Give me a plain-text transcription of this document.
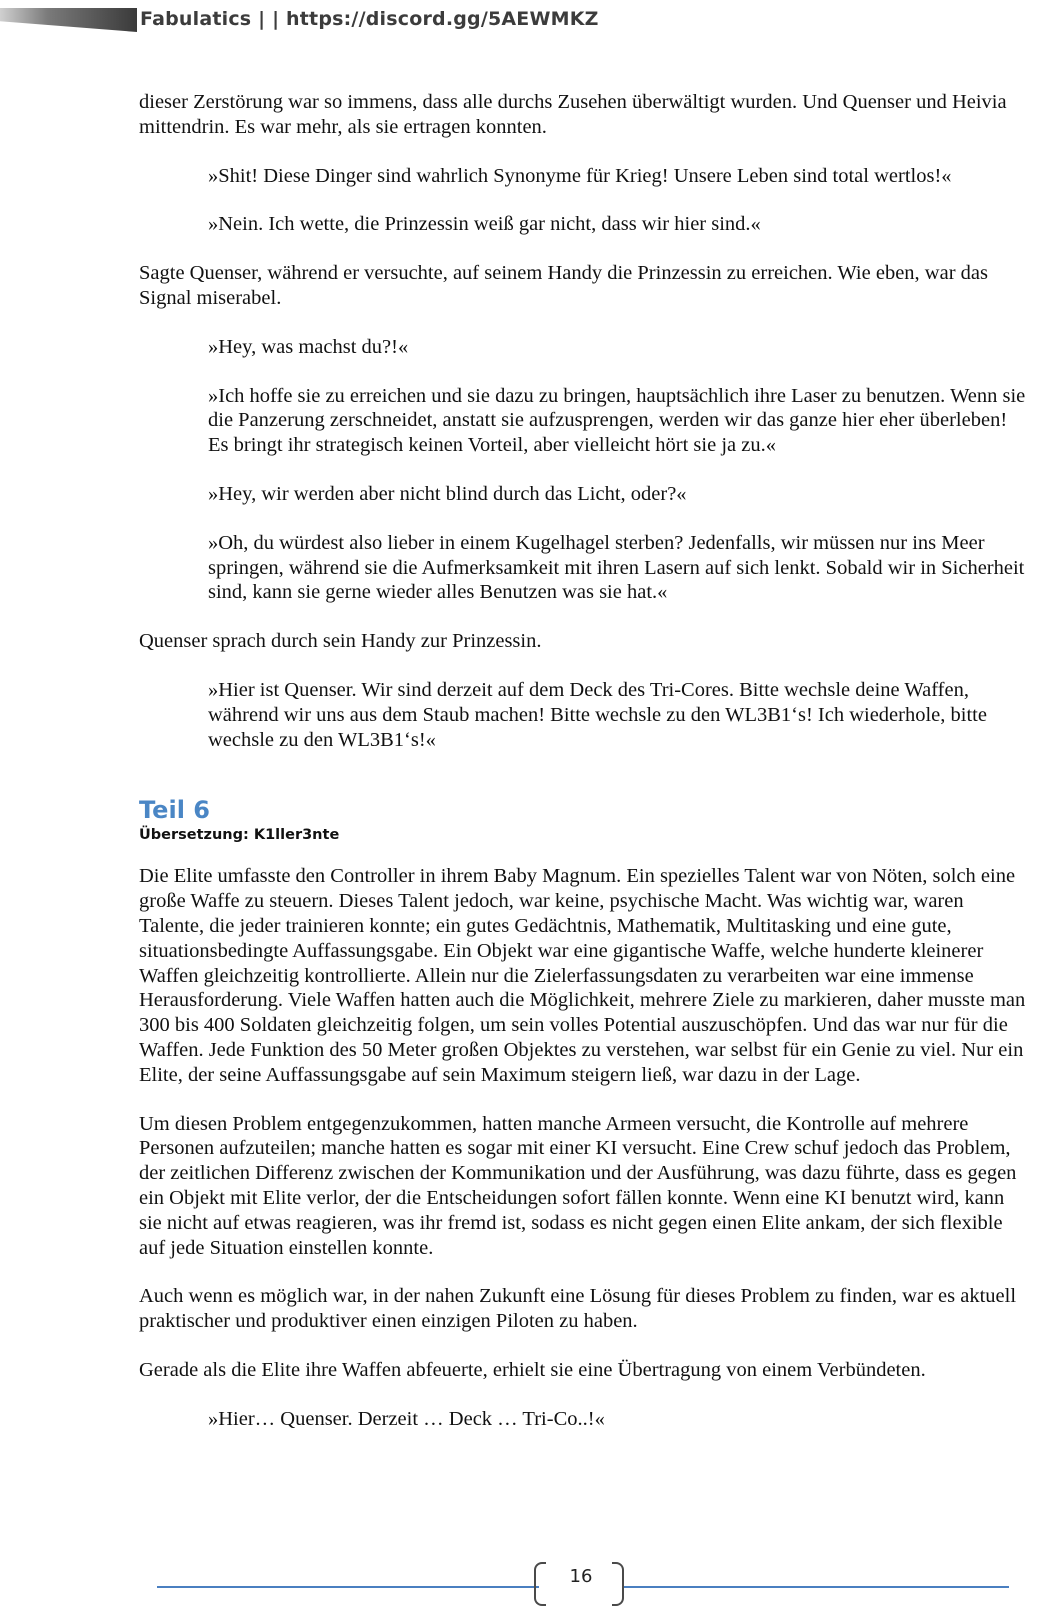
Fabulatics | | https://discord.gg/5AEWMKZ

dieser Zerstörung war so immens, dass alle durchs Zusehen überwältigt wurden. Und Quenser und Heivia mittendrin. Es war mehr, als sie ertragen konnten.

»Shit! Diese Dinger sind wahrlich Synonyme für Krieg! Unsere Leben sind total wertlos!«

»Nein. Ich wette, die Prinzessin weiß gar nicht, dass wir hier sind.«

Sagte Quenser, während er versuchte, auf seinem Handy die Prinzessin zu erreichen. Wie eben, war das Signal miserabel.

»Hey, was machst du?!«

»Ich hoffe sie zu erreichen und sie dazu zu bringen, hauptsächlich ihre Laser zu benutzen. Wenn sie die Panzerung zerschneidet, anstatt sie aufzusprengen, werden wir das ganze hier eher überleben! Es bringt ihr strategisch keinen Vorteil, aber vielleicht hört sie ja zu.«

»Hey, wir werden aber nicht blind durch das Licht, oder?«

»Oh, du würdest also lieber in einem Kugelhagel sterben? Jedenfalls, wir müssen nur ins Meer springen, während sie die Aufmerksamkeit mit ihren Lasern auf sich lenkt. Sobald wir in Sicherheit sind, kann sie gerne wieder alles Benutzen was sie hat.«

Quenser sprach durch sein Handy zur Prinzessin.

»Hier ist Quenser. Wir sind derzeit auf dem Deck des Tri-Cores. Bitte wechsle deine Waffen, während wir uns aus dem Staub machen! Bitte wechsle zu den WL3B1‘s! Ich wiederhole, bitte wechsle zu den WL3B1‘s!«

Teil 6
Übersetzung: K1ller3nte

Die Elite umfasste den Controller in ihrem Baby Magnum. Ein spezielles Talent war von Nöten, solch eine große Waffe zu steuern. Dieses Talent jedoch, war keine, psychische Macht. Was wichtig war, waren Talente, die jeder trainieren konnte; ein gutes Gedächtnis, Mathematik, Multitasking und eine gute, situationsbedingte Auffassungsgabe. Ein Objekt war eine gigantische Waffe, welche hunderte kleinerer Waffen gleichzeitig kontrollierte. Allein nur die Zielerfassungsdaten zu verarbeiten war eine immense Herausforderung. Viele Waffen hatten auch die Möglichkeit, mehrere Ziele zu markieren, daher musste man 300 bis 400 Soldaten gleichzeitig folgen, um sein volles Potential auszuschöpfen. Und das war nur für die Waffen. Jede Funktion des 50 Meter großen Objektes zu verstehen, war selbst für ein Genie zu viel. Nur ein Elite, der seine Auffassungsgabe auf sein Maximum steigern ließ, war dazu in der Lage.

Um diesen Problem entgegenzukommen, hatten manche Armeen versucht, die Kontrolle auf mehrere Personen aufzuteilen; manche hatten es sogar mit einer KI versucht. Eine Crew schuf jedoch das Problem, der zeitlichen Differenz zwischen der Kommunikation und der Ausführung, was dazu führte, dass es gegen ein Objekt mit Elite verlor, der die Entscheidungen sofort fällen konnte. Wenn eine KI benutzt wird, kann sie nicht auf etwas reagieren, was ihr fremd ist, sodass es nicht gegen einen Elite ankam, der sich flexible auf jede Situation einstellen konnte.

Auch wenn es möglich war, in der nahen Zukunft eine Lösung für dieses Problem zu finden, war es aktuell praktischer und produktiver einen einzigen Piloten zu haben.

Gerade als die Elite ihre Waffen abfeuerte, erhielt sie eine Übertragung von einem Verbündeten.

»Hier… Quenser. Derzeit … Deck … Tri-Co..!«

16
